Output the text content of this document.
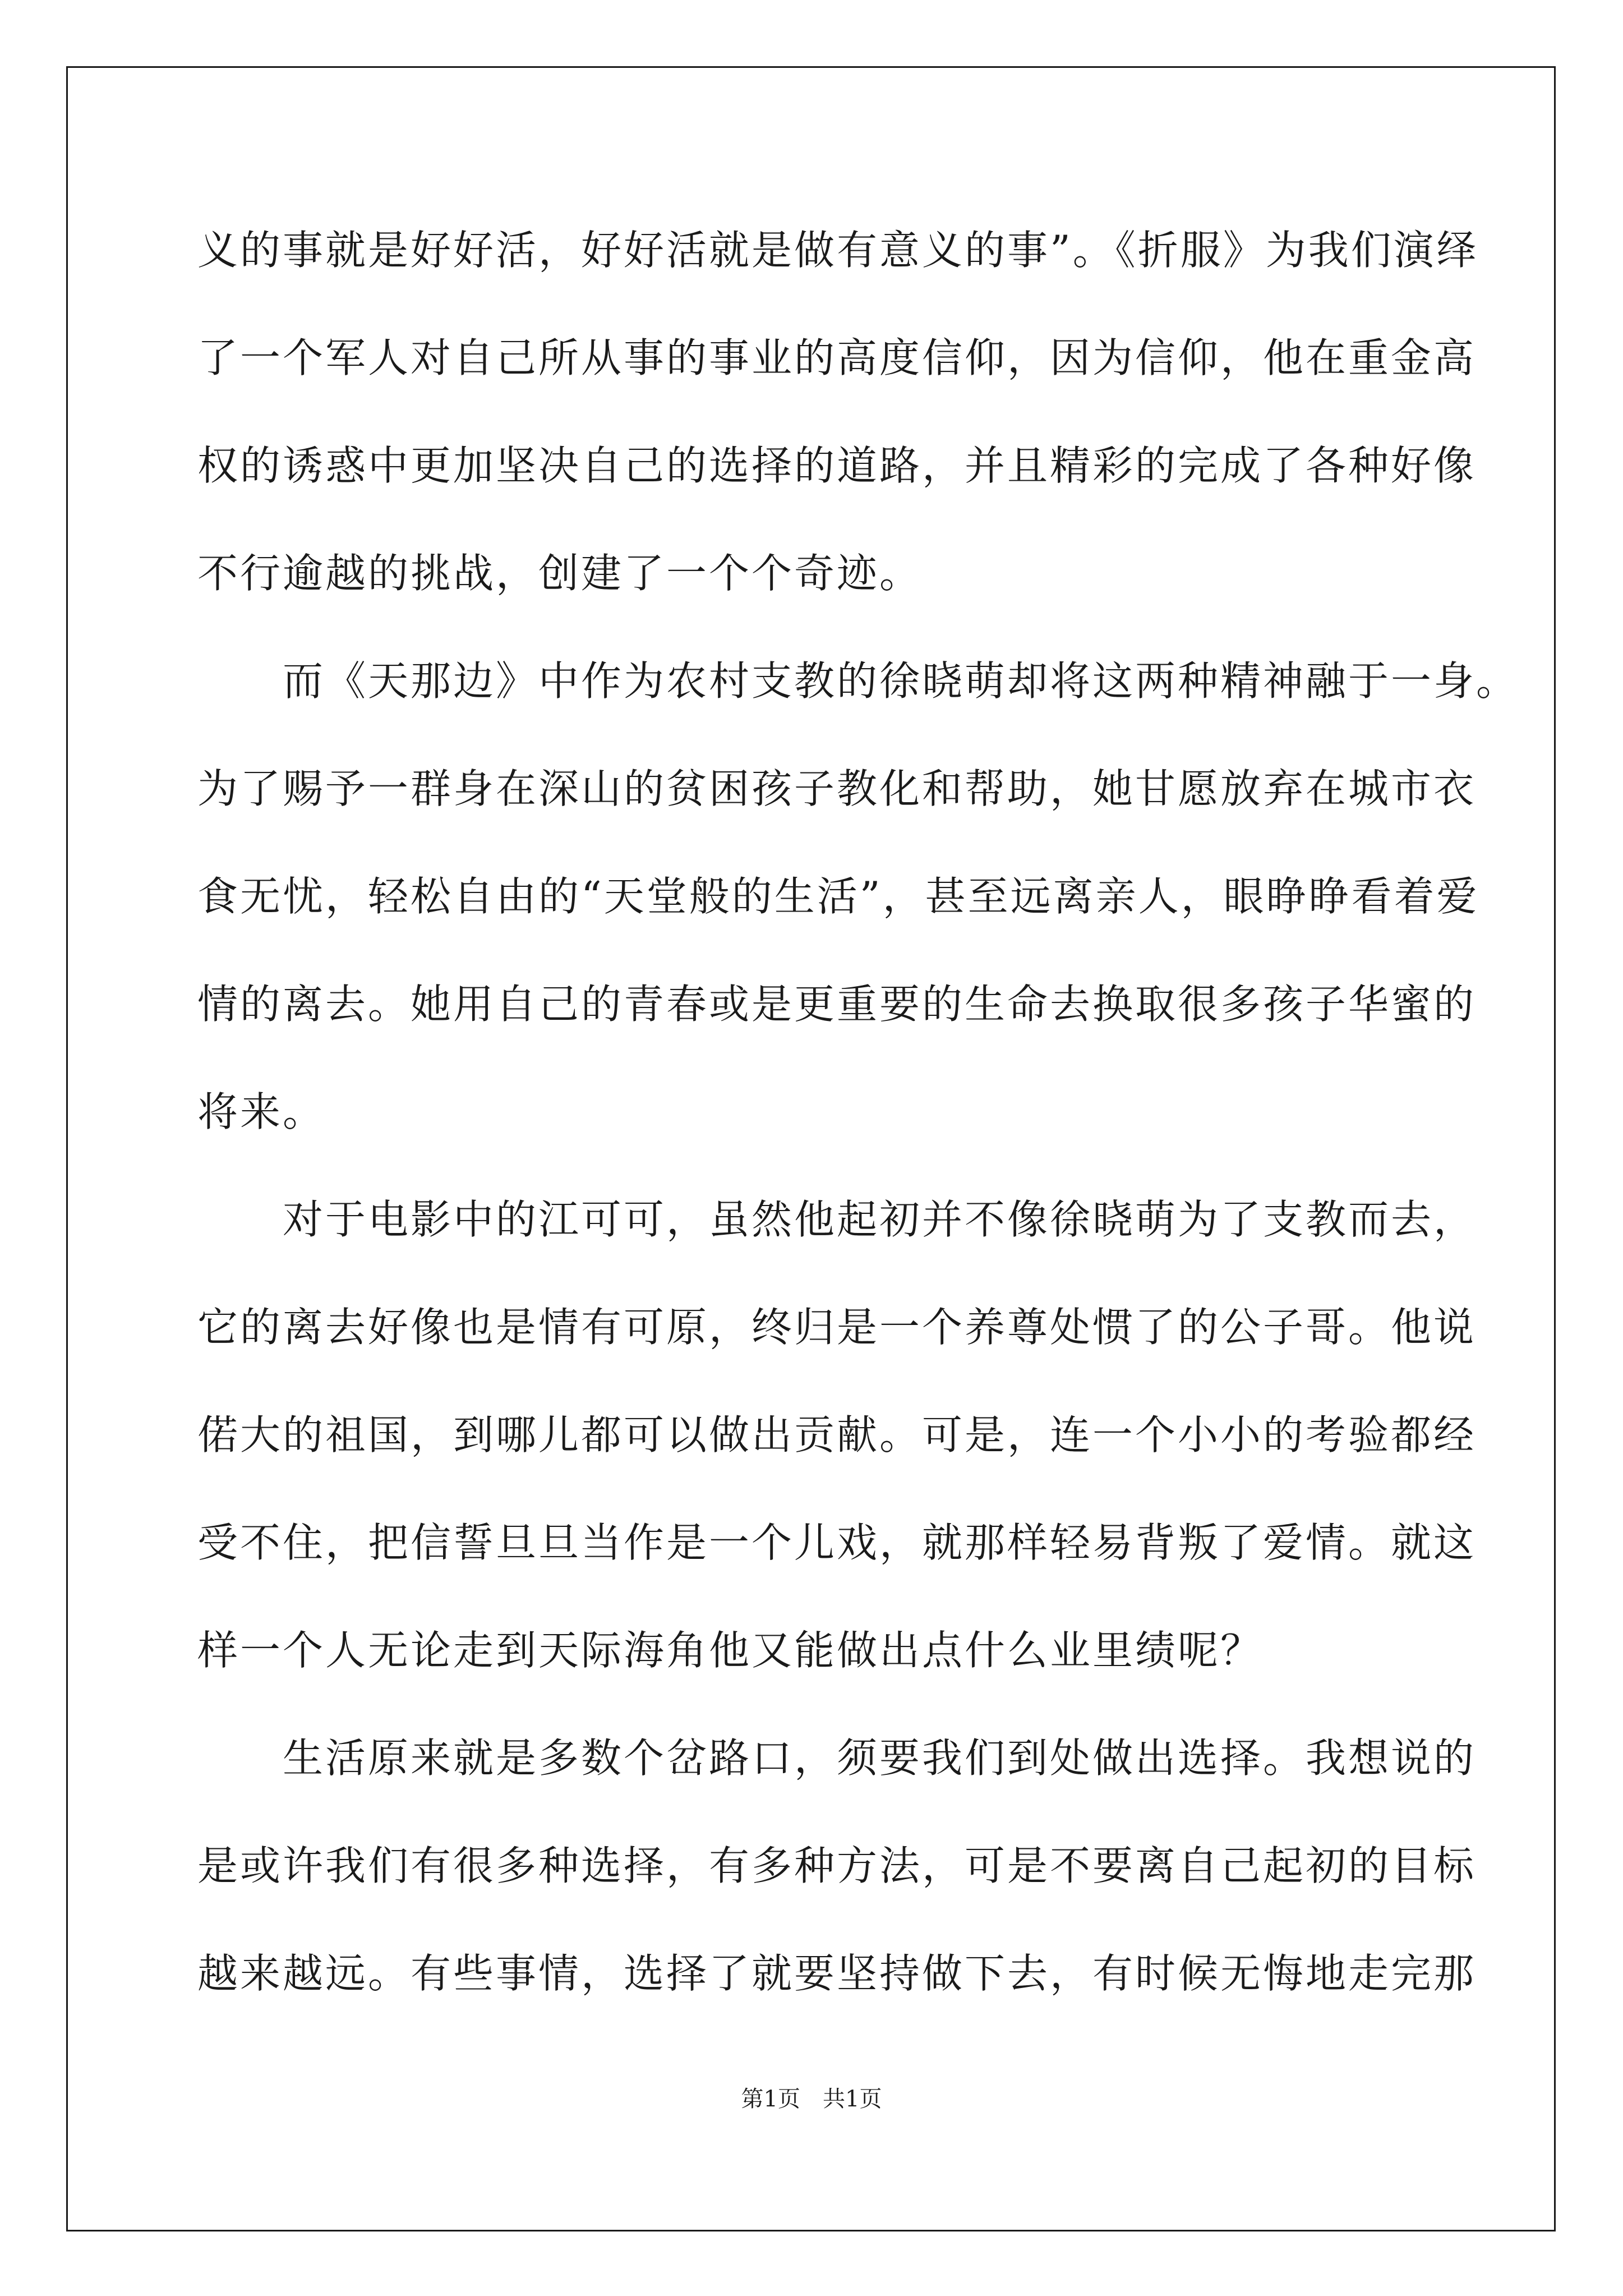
义的事就是好好活，好好活就是做有意义的事”。《折服》为我们演绎
了一个军人对自己所从事的事业的高度信仰，因为信仰，他在重金高
权的诱惑中更加坚决自己的选择的道路，并且精彩的完成了各种好像
不行逾越的挑战，创建了一个个奇迹。
而《天那边》中作为农村支教的徐晓萌却将这两种精神融于一身。
为了赐予一群身在深山的贫困孩子教化和帮助，她甘愿放弃在城市衣
食无忧，轻松自由的“天堂般的生活”，甚至远离亲人，眼睁睁看着爱
情的离去。她用自己的青春或是更重要的生命去换取很多孩子华蜜的
将来。
对于电影中的江可可，虽然他起初并不像徐晓萌为了支教而去，
它的离去好像也是情有可原，终归是一个养尊处惯了的公子哥。他说
偌大的祖国，到哪儿都可以做出贡献。可是，连一个小小的考验都经
受不住，把信誓旦旦当作是一个儿戏，就那样轻易背叛了爱情。就这
样一个人无论走到天际海角他又能做出点什么业里绩呢？
生活原来就是多数个岔路口，须要我们到处做出选择。我想说的
是或许我们有很多种选择，有多种方法，可是不要离自己起初的目标
越来越远。有些事情，选择了就要坚持做下去，有时候无悔地走完那
第1页　共1页
